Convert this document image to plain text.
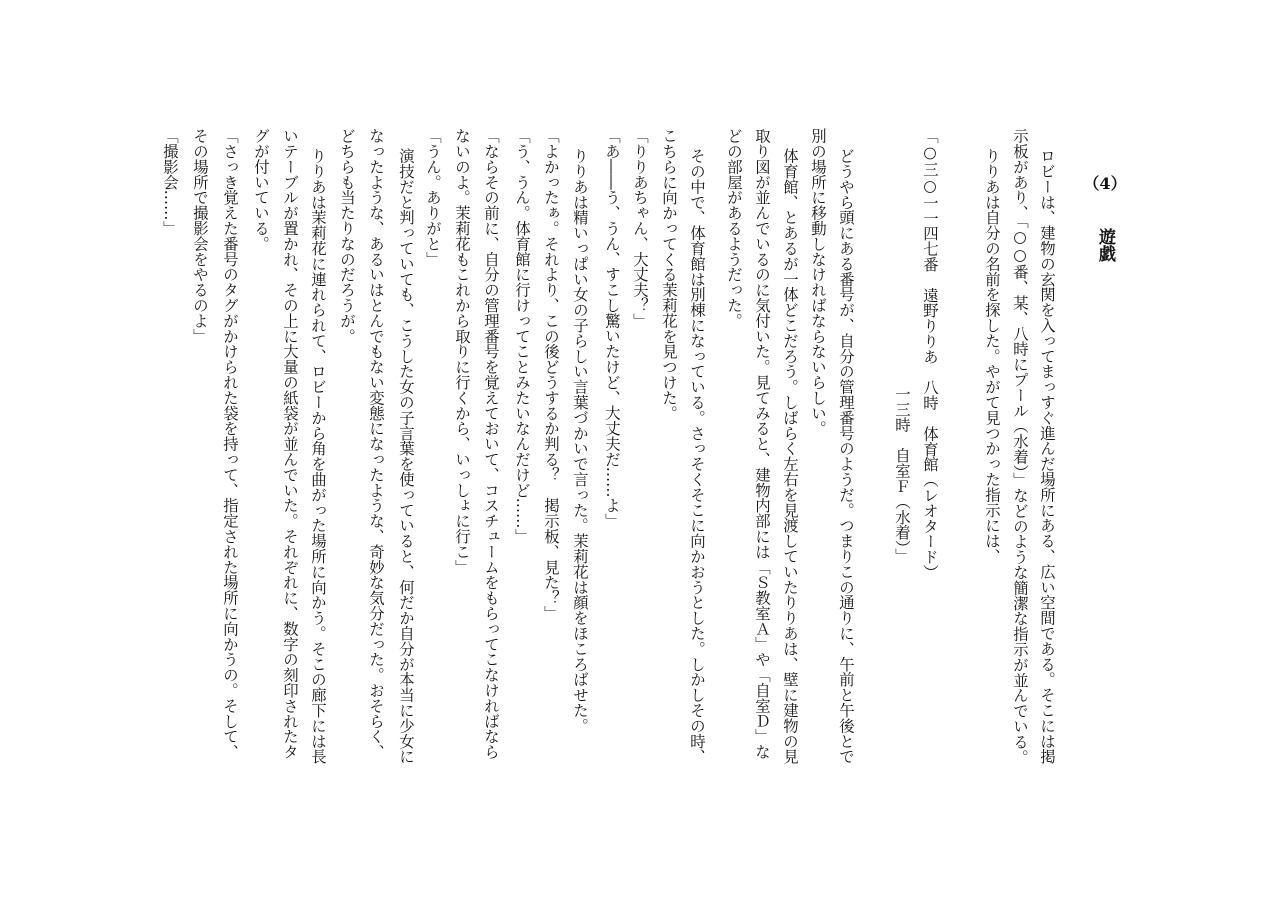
（4）
遊戯
ロビーは、建物の玄関を入ってまっすぐ進んだ場所にある、広い空間である。そこには掲
示板があり、「○○番、某、八時にプール（水着）」などのような簡潔な指示が並んでいる。
りりあは自分の名前を探した。やがて見つかった指示には、
「○三○一一四七番　遠野りりあ　八時　体育館（レオタード）
一三時　自室Ｆ（水着）」
どうやら頭にある番号が、自分の管理番号のようだ。つまりこの通りに、午前と午後とで
別の場所に移動しなければならないらしい。
体育館、とあるが一体どこだろう。しばらく左右を見渡していたりりあは、壁に建物の見
取り図が並んでいるのに気付いた。見てみると、建物内部には「Ｓ教室Ａ」や「自室Ｄ」な
どの部屋があるようだった。
その中で、体育館は別棟になっている。さっそくそこに向かおうとした。しかしその時、
こちらに向かってくる茉莉花を見つけた。
「りりあちゃん、大丈夫？」
「あ――う、うん、すこし驚いたけど、大丈夫だ……よ」
りりあは精いっぱい女の子らしい言葉づかいで言った。茉莉花は顔をほころばせた。
「よかったぁ。それより、この後どうするか判る？　掲示板、見た？」
「う、うん。体育館に行けってことみたいなんだけど……」
「ならその前に、自分の管理番号を覚えておいて、コスチュームをもらってこなければなら
ないのよ。茉莉花もこれから取りに行くから、いっしょに行こ」
「うん。ありがと」
演技だと判っていても、こうした女の子言葉を使っていると、何だか自分が本当に少女に
なったような、あるいはとんでもない変態になったような、奇妙な気分だった。おそらく、
どちらも当たりなのだろうが。
りりあは茉莉花に連れられて、ロビーから角を曲がった場所に向かう。そこの廊下には長
いテーブルが置かれ、その上に大量の紙袋が並んでいた。それぞれに、数字の刻印されたタ
グが付いている。
「さっき覚えた番号のタグがかけられた袋を持って、指定された場所に向かうの。そして、
その場所で撮影会をやるのよ」
「撮影会……」
